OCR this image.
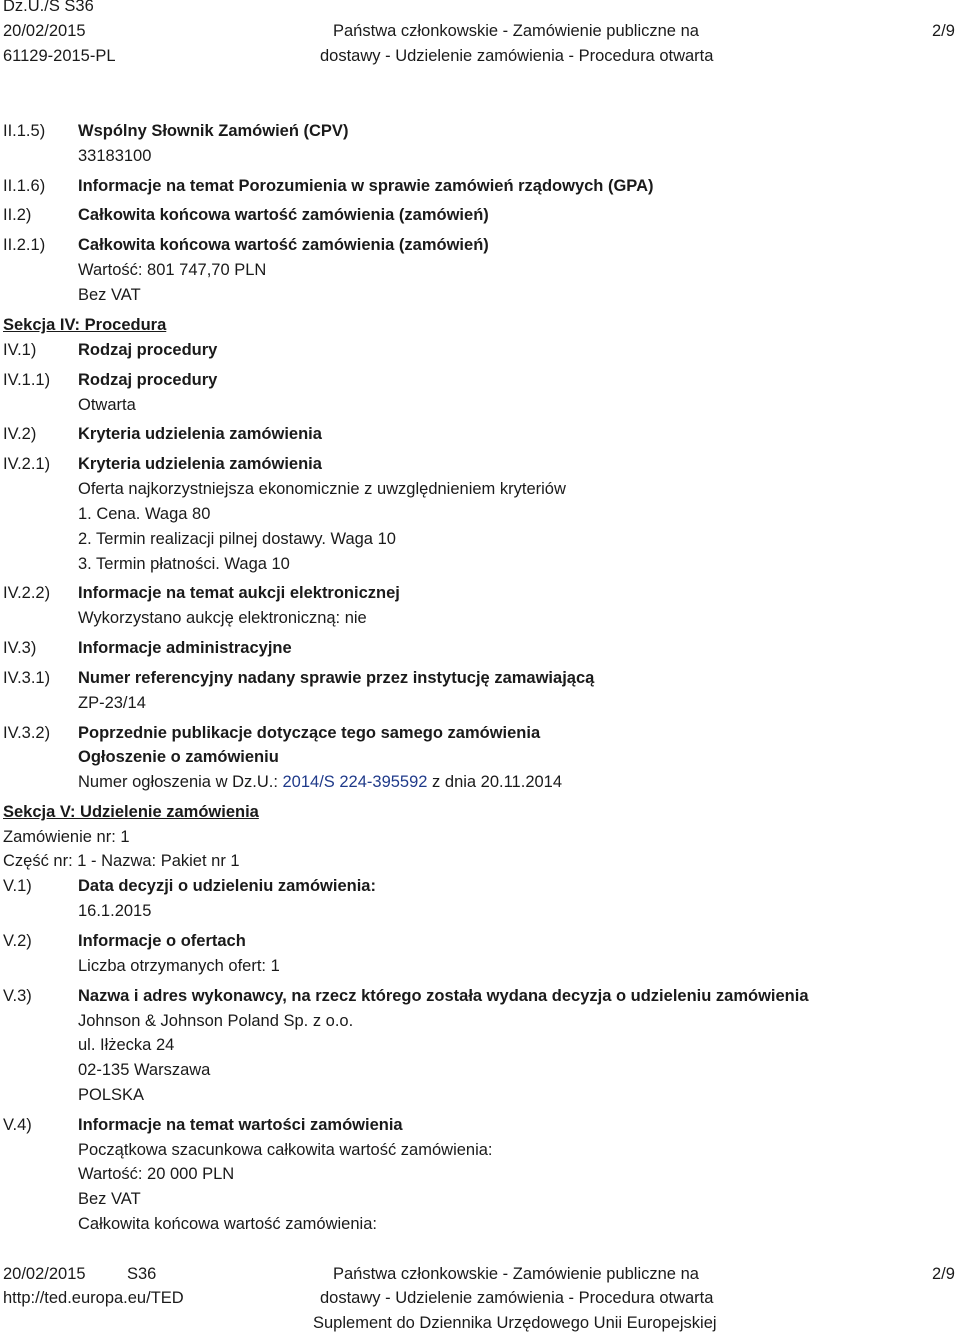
Dz.U./S S36
20/02/2015
61129-2015-PL
Państwa członkowskie - Zamówienie publiczne na
dostawy - Udzielenie zamówienia - Procedura otwarta
2/9
II.1.5) Wspólny Słownik Zamówień (CPV)
33183100
II.1.6) Informacje na temat Porozumienia w sprawie zamówień rządowych (GPA)
II.2)	Całkowita końcowa wartość zamówienia (zamówień)
II.2.1) Całkowita końcowa wartość zamówienia (zamówień)
Wartość: 801 747,70 PLN
Bez VAT
Sekcja IV: Procedura
IV.1)	Rodzaj procedury
IV.1.1) Rodzaj procedury
Otwarta
IV.2)	Kryteria udzielenia zamówienia
IV.2.1) Kryteria udzielenia zamówienia
Oferta najkorzystniejsza ekonomicznie z uwzględnieniem kryteriów
1. Cena. Waga 80
2. Termin realizacji pilnej dostawy. Waga 10
3. Termin płatności. Waga 10
IV.2.2) Informacje na temat aukcji elektronicznej
Wykorzystano aukcję elektroniczną: nie
IV.3)	Informacje administracyjne
IV.3.1) Numer referencyjny nadany sprawie przez instytucję zamawiającą
ZP-23/14
IV.3.2) Poprzednie publikacje dotyczące tego samego zamówienia
Ogłoszenie o zamówieniu
Numer ogłoszenia w Dz.U.: 2014/S 224-395592 z dnia 20.11.2014
Sekcja V: Udzielenie zamówienia
Zamówienie nr: 1
Część nr: 1 - Nazwa: Pakiet nr 1
V.1)	Data decyzji o udzieleniu zamówienia:
16.1.2015
V.2)	Informacje o ofertach
Liczba otrzymanych ofert: 1
V.3)	Nazwa i adres wykonawcy, na rzecz którego została wydana decyzja o udzieleniu zamówienia
Johnson & Johnson Poland Sp. z o.o.
ul. Iłżecka 24
02-135 Warszawa
POLSKA
V.4)	Informacje na temat wartości zamówienia
Początkowa szacunkowa całkowita wartość zamówienia:
Wartość: 20 000 PLN
Bez VAT
Całkowita końcowa wartość zamówienia:
20/02/2015	S36
http://ted.europa.eu/TED
Państwa członkowskie - Zamówienie publiczne na
dostawy - Udzielenie zamówienia - Procedura otwarta
Suplement do Dziennika Urzędowego Unii Europejskiej
2/9
